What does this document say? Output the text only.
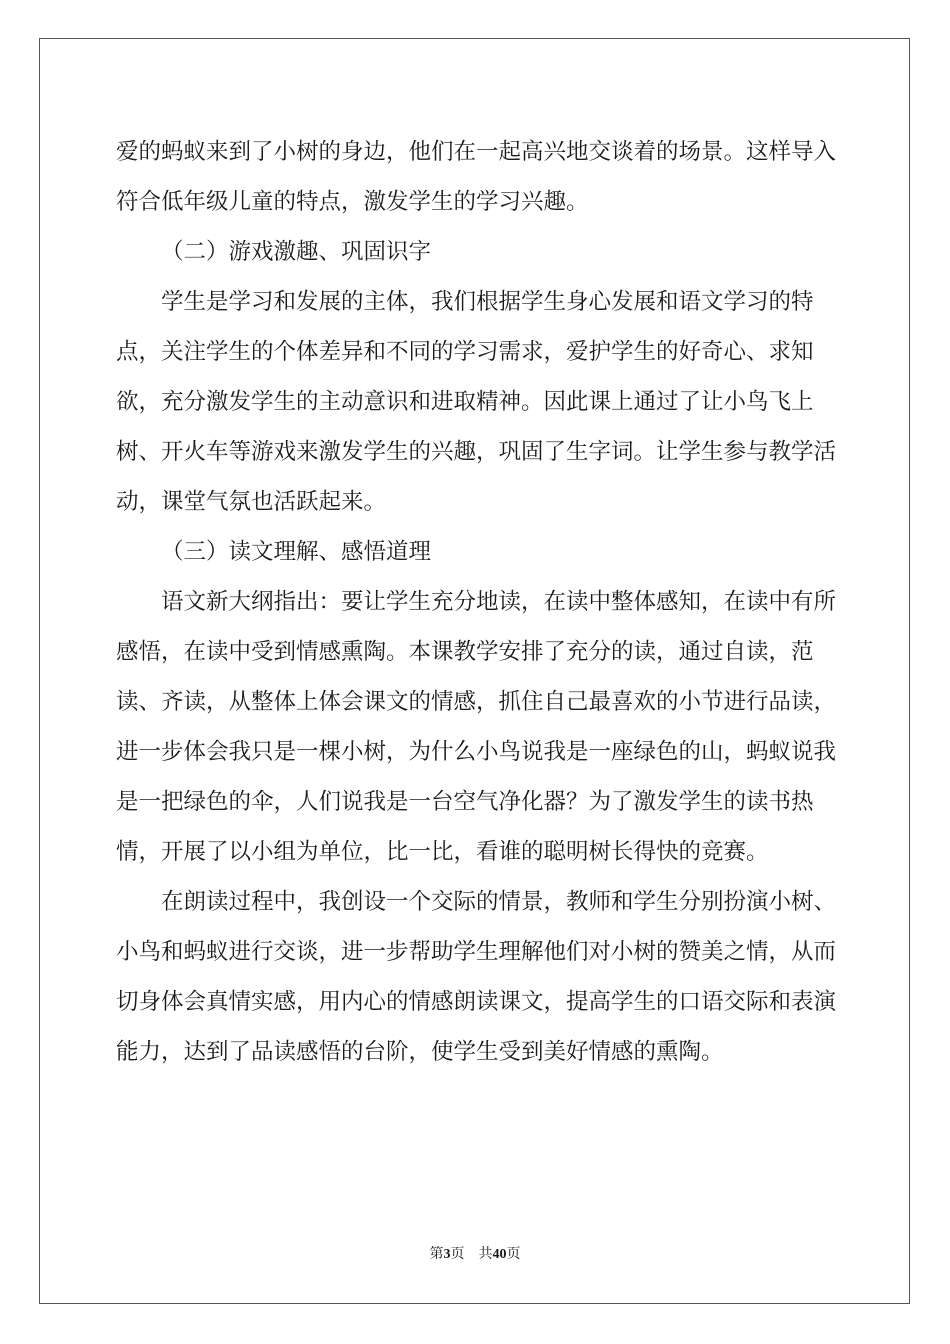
爱的蚂蚁来到了小树的身边，他们在一起高兴地交谈着的场景。这样导入符合低年级儿童的特点，激发学生的学习兴趣。

（二）游戏激趣、巩固识字

学生是学习和发展的主体，我们根据学生身心发展和语文学习的特点，关注学生的个体差异和不同的学习需求，爱护学生的好奇心、求知欲，充分激发学生的主动意识和进取精神。因此课上通过了让小鸟飞上树、开火车等游戏来激发学生的兴趣，巩固了生字词。让学生参与教学活动，课堂气氛也活跃起来。

（三）读文理解、感悟道理

语文新大纲指出：要让学生充分地读，在读中整体感知，在读中有所感悟，在读中受到情感熏陶。本课教学安排了充分的读，通过自读，范读、齐读，从整体上体会课文的情感，抓住自己最喜欢的小节进行品读，进一步体会我只是一棵小树，为什么小鸟说我是一座绿色的山，蚂蚁说我是一把绿色的伞，人们说我是一台空气净化器？为了激发学生的读书热情，开展了以小组为单位，比一比，看谁的聪明树长得快的竞赛。

在朗读过程中，我创设一个交际的情景，教师和学生分别扮演小树、小鸟和蚂蚁进行交谈，进一步帮助学生理解他们对小树的赞美之情，从而切身体会真情实感，用内心的情感朗读课文，提高学生的口语交际和表演能力，达到了品读感悟的台阶，使学生受到美好情感的熏陶。

第3页 共40页
